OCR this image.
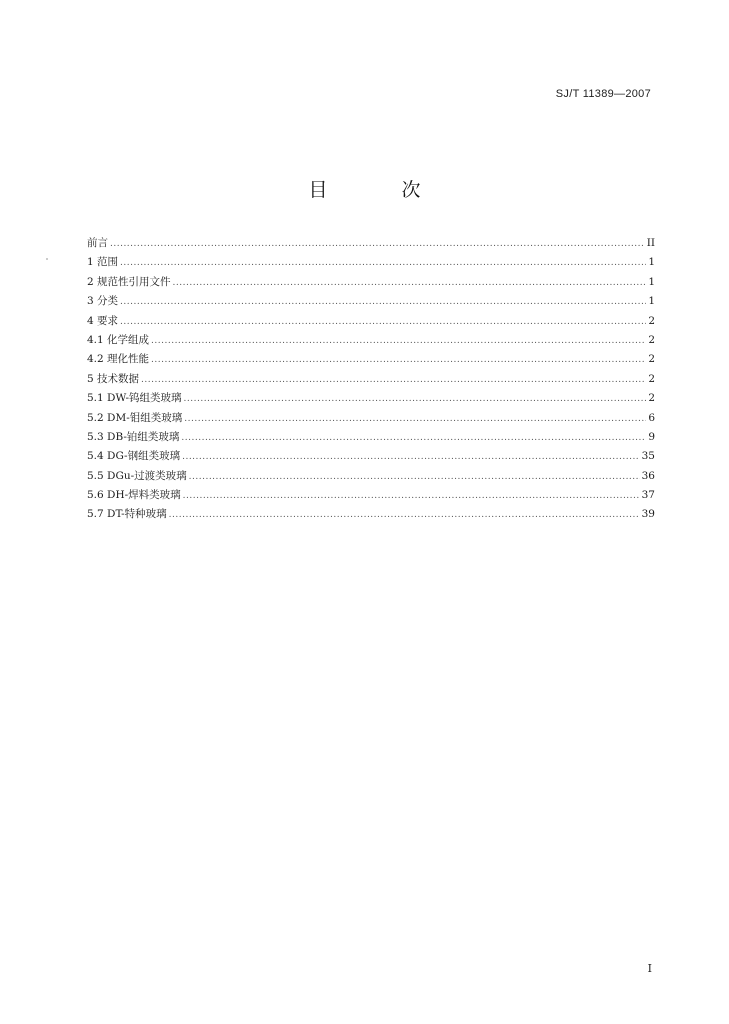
SJ/T 11389—2007
目 次
前言 .....	II
1 范围 .....	1
2 规范性引用文件 .....	1
3 分类 .....	1
4 要求 .....	2
4.1 化学组成 .....	2
4.2 理化性能 .....	2
5 技术数据 .....	2
5.1 DW-钨组类玻璃 .....	2
5.2 DM-钼组类玻璃 .....	6
5.3 DB-铂组类玻璃 .....	9
5.4 DG-钢组类玻璃 .....	35
5.5 DGu-过渡类玻璃 .....	36
5.6 DH-焊料类玻璃 .....	37
5.7 DT-特种玻璃 .....	39
I
